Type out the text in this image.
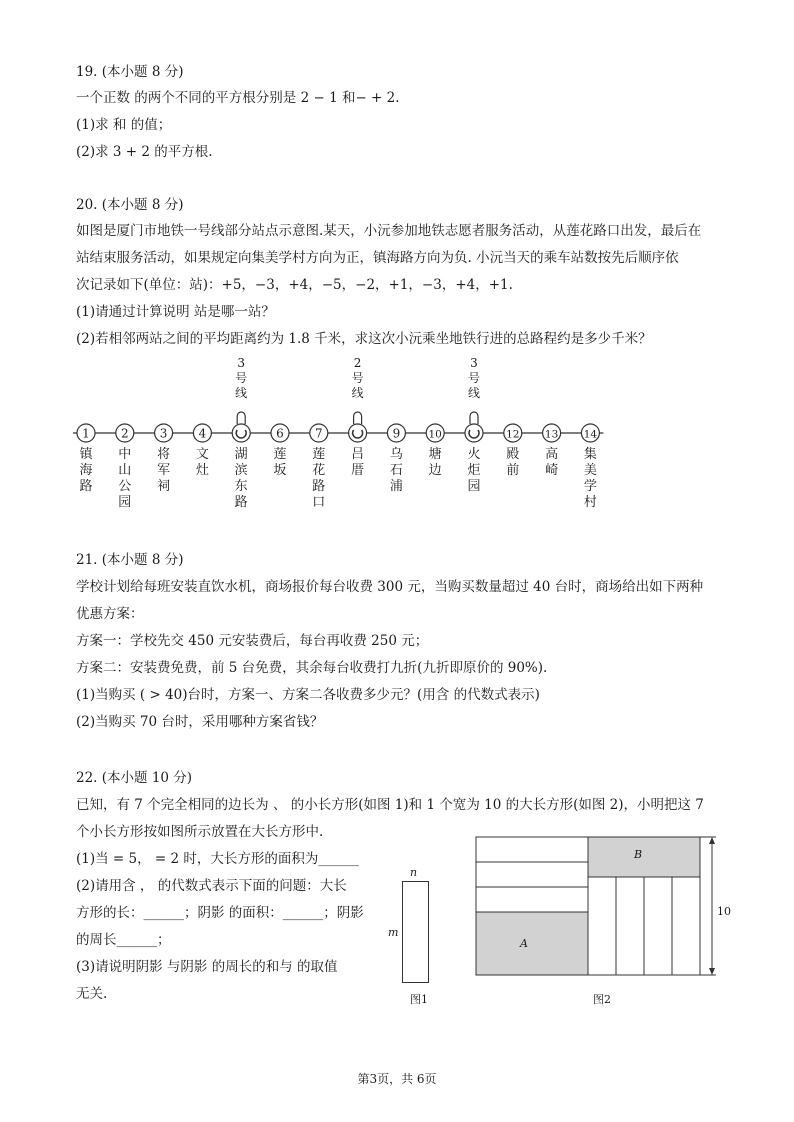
19. (本小题 8 分)
一个正数 的两个不同的平方根分别是 2 − 1 和− + 2.
(1)求 和 的值；
(2)求 3 + 2 的平方根.
20. (本小题 8 分)
如图是厦门市地铁一号线部分站点示意图.某天，小沅参加地铁志愿者服务活动，从莲花路口出发，最后在
站结束服务活动，如果规定向集美学村方向为正，镇海路方向为负. 小沅当天的乘车站数按先后顺序依
次记录如下(单位：站)：+5，−3，+4，−5，−2，+1，−3，+4，+1.
(1)请通过计算说明 站是哪一站？
(2)若相邻两站之间的平均距离约为 1.8 千米，求这次小沅乘坐地铁行进的总路程约是多少千米？
1	2	3	4	6	7	9	10	12 13 14
镇
海
路
中
山
公
园
将
军
祠
文
灶
3
号
线
湖
滨
东
路
莲
坂
莲
花
路
口
2
号
线
吕
厝
乌
石
浦
塘
边
3
号
线
火
炬
园
殿
前
高
崎
集
美
学
村
21. (本小题 8 分)
学校计划给每班安装直饮水机，商场报价每台收费 300 元，当购买数量超过 40 台时，商场给出如下两种
优惠方案：
方案一：学校先交 450 元安装费后，每台再收费 250 元；
方案二：安装费免费，前 5 台免费，其余每台收费打九折(九折即原价的 90%).
(1)当购买 ( > 40)台时，方案一、方案二各收费多少元？(用含 的代数式表示)
(2)当购买 70 台时，采用哪种方案省钱？
22. (本小题 10 分)
已知，有 7 个完全相同的边长为 、 的小长方形(如图 1)和 1 个宽为 10 的大长方形(如图 2)，小明把这 7
个小长方形按如图所示放置在大长方形中.
(1)当 = 5， = 2 时，大长方形的面积为______
(2)请用含 ， 的代数式表示下面的问题：大长
方形的长：______；阴影 的面积：______；阴影
的周长______；
(3)请说明阴影 与阴影 的周长的和与 的取值
无关.
n
m
图1
B
A
10
图2
第3页，共 6页
